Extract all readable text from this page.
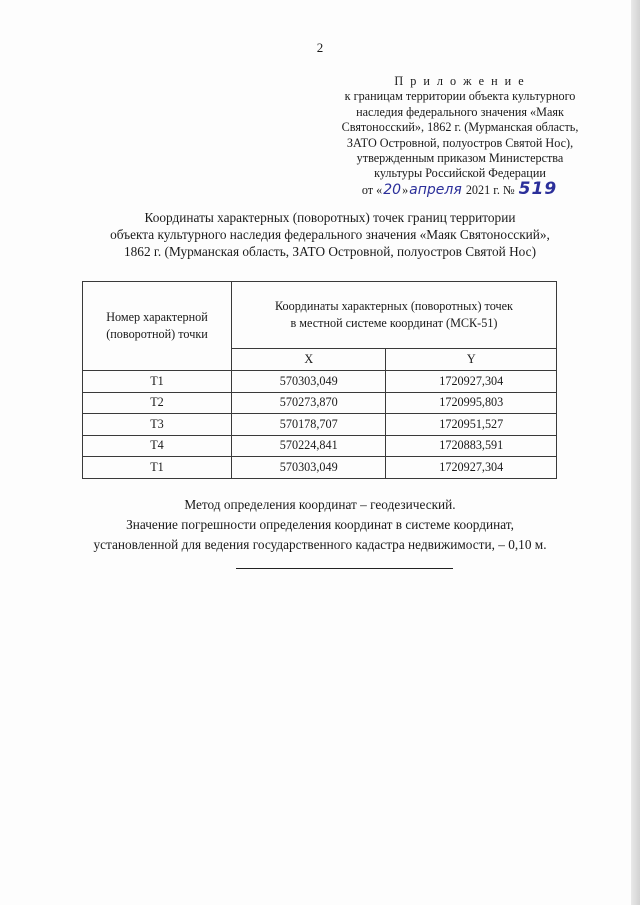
2
П р и л о ж е н и е
к границам территории объекта культурного
наследия федерального значения «Маяк
Святоносский», 1862 г. (Мурманская область,
ЗАТО Островной, полуостров Святой Нос),
утвержденным приказом Министерства
культуры Российской Федерации
от «20»апреля 2021 г. № 519
Координаты характерных (поворотных) точек границ территории
объекта культурного наследия федерального значения «Маяк Святоносский»,
1862 г. (Мурманская область, ЗАТО Островной, полуостров Святой Нос)
Номер характерной (поворотной) точки	Координаты характерных (поворотных) точек
в местной системе координат (МСК-51)	

	X	Y
Т1	570303,049	1720927,304
Т2	570273,870	1720995,803
Т3	570178,707	1720951,527
Т4	570224,841	1720883,591
Т1	570303,049	1720927,304
Метод определения координат – геодезический.
Значение погрешности определения координат в системе координат,
установленной для ведения государственного кадастра недвижимости, – 0,10 м.
